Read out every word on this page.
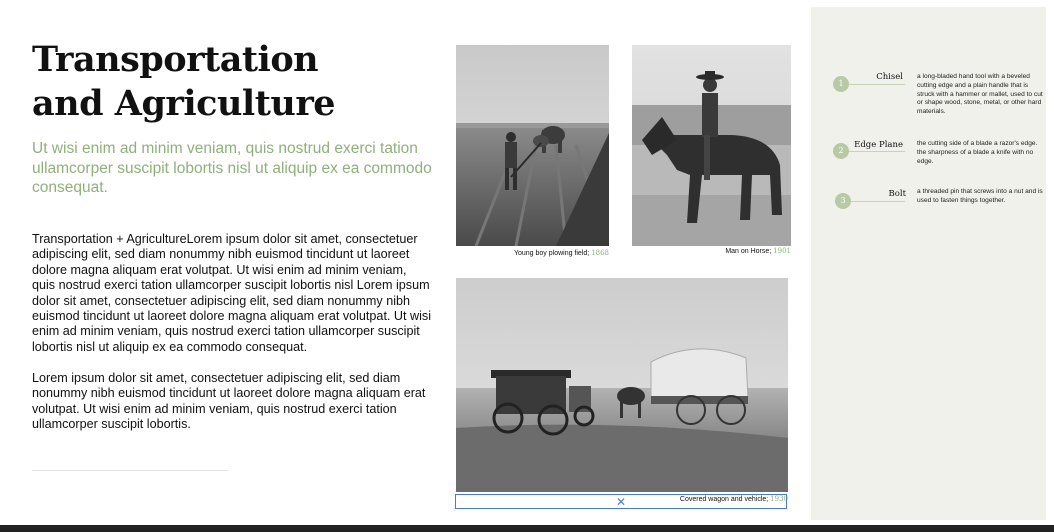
Transportation
and Agriculture

Ut wisi enim ad minim veniam, quis nostrud exerci tation ullamcorper suscipit lobortis nisl ut aliquip ex ea commodo consequat.

Transportation + AgricultureLorem ipsum dolor sit amet, consectetuer adipiscing elit, sed diam nonummy nibh euismod tincidunt ut laoreet dolore magna aliquam erat volutpat. Ut wisi enim ad minim veniam, quis nostrud exerci tation ullamcorper suscipit lobortis nisl Lorem ipsum dolor sit amet, consectetuer adipiscing elit, sed diam nonummy nibh euismod tincidunt ut laoreet dolore magna aliquam erat volutpat. Ut wisi enim ad minim veniam, quis nostrud exerci tation ullamcorper suscipit lobortis nisl ut aliquip ex ea commodo consequat.

Lorem ipsum dolor sit amet, consectetuer adipiscing elit, sed diam nonummy nibh euismod tincidunt ut laoreet dolore magna aliquam erat volutpat. Ut wisi enim ad minim veniam, quis nostrud exerci tation ullamcorper suscipit lobortis.

Young boy plowing field; 1868	Man on Horse; 1901
Covered wagon and vehicle; 1930
✕
1
Chisel a long-bladed hand tool with a beveled cutting edge and a plain handle that is struck with a hammer or mallet, used to cut or shape wood, stone, metal, or other hard materials.
2
Edge Plane the cutting side of a blade a razor's edge. the sharpness of a blade a knife with no edge.
3
Bolt a threaded pin that screws into a nut and is used to fasten things together.
